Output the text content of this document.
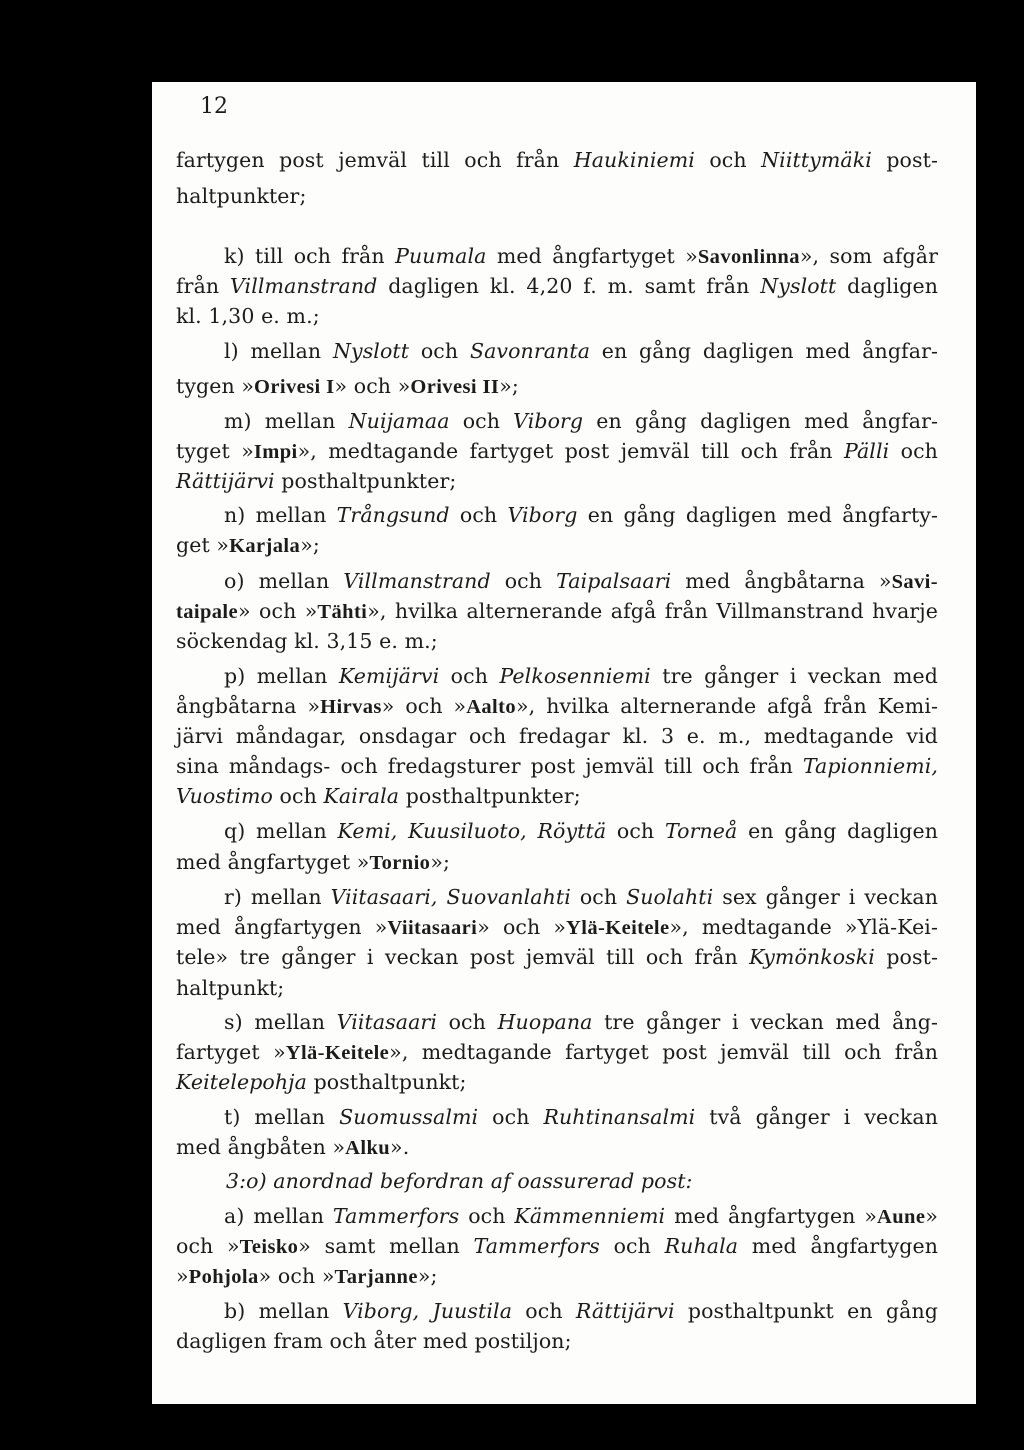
12
fartygen post jemväl till och från Haukiniemi och Niittymäki post-
haltpunkter;
k) till och från Puumala med ångfartyget »Savonlinna», som afgår
från Villmanstrand dagligen kl. 4,20 f. m. samt från Nyslott dagligen
kl. 1,30 e. m.;
l) mellan Nyslott och Savonranta en gång dagligen med ångfar-
tygen »Orivesi I» och »Orivesi II»;
m) mellan Nuijamaa och Viborg en gång dagligen med ångfar-
tyget »Impi», medtagande fartyget post jemväl till och från Pälli och
Rättijärvi posthaltpunkter;
n) mellan Trångsund och Viborg en gång dagligen med ångfarty-
get »Karjala»;
o) mellan Villmanstrand och Taipalsaari med ångbåtarna »Savi-
taipale» och »Tähti», hvilka alternerande afgå från Villmanstrand hvarje
söckendag kl. 3,15 e. m.;
p) mellan Kemijärvi och Pelkosenniemi tre gånger i veckan med
ångbåtarna »Hirvas» och »Aalto», hvilka alternerande afgå från Kemi-
järvi måndagar, onsdagar och fredagar kl. 3 e. m., medtagande vid
sina måndags- och fredagsturer post jemväl till och från Tapionniemi,
Vuostimo och Kairala posthaltpunkter;
q) mellan Kemi, Kuusiluoto, Röyttä och Torneå en gång dagligen
med ångfartyget »Tornio»;
r) mellan Viitasaari, Suovanlahti och Suolahti sex gånger i veckan
med ångfartygen »Viitasaari» och »Ylä-Keitele», medtagande »Ylä-Kei-
tele» tre gånger i veckan post jemväl till och från Kymönkoski post-
haltpunkt;
s) mellan Viitasaari och Huopana tre gånger i veckan med ång-
fartyget »Ylä-Keitele», medtagande fartyget post jemväl till och från
Keitelepohja posthaltpunkt;
t) mellan Suomussalmi och Ruhtinansalmi två gånger i veckan
med ångbåten »Alku».
3:o) anordnad befordran af oassurerad post:
a) mellan Tammerfors och Kämmenniemi med ångfartygen »Aune»
och »Teisko» samt mellan Tammerfors och Ruhala med ångfartygen
»Pohjola» och »Tarjanne»;
b) mellan Viborg, Juustila och Rättijärvi posthaltpunkt en gång
dagligen fram och åter med postiljon;
